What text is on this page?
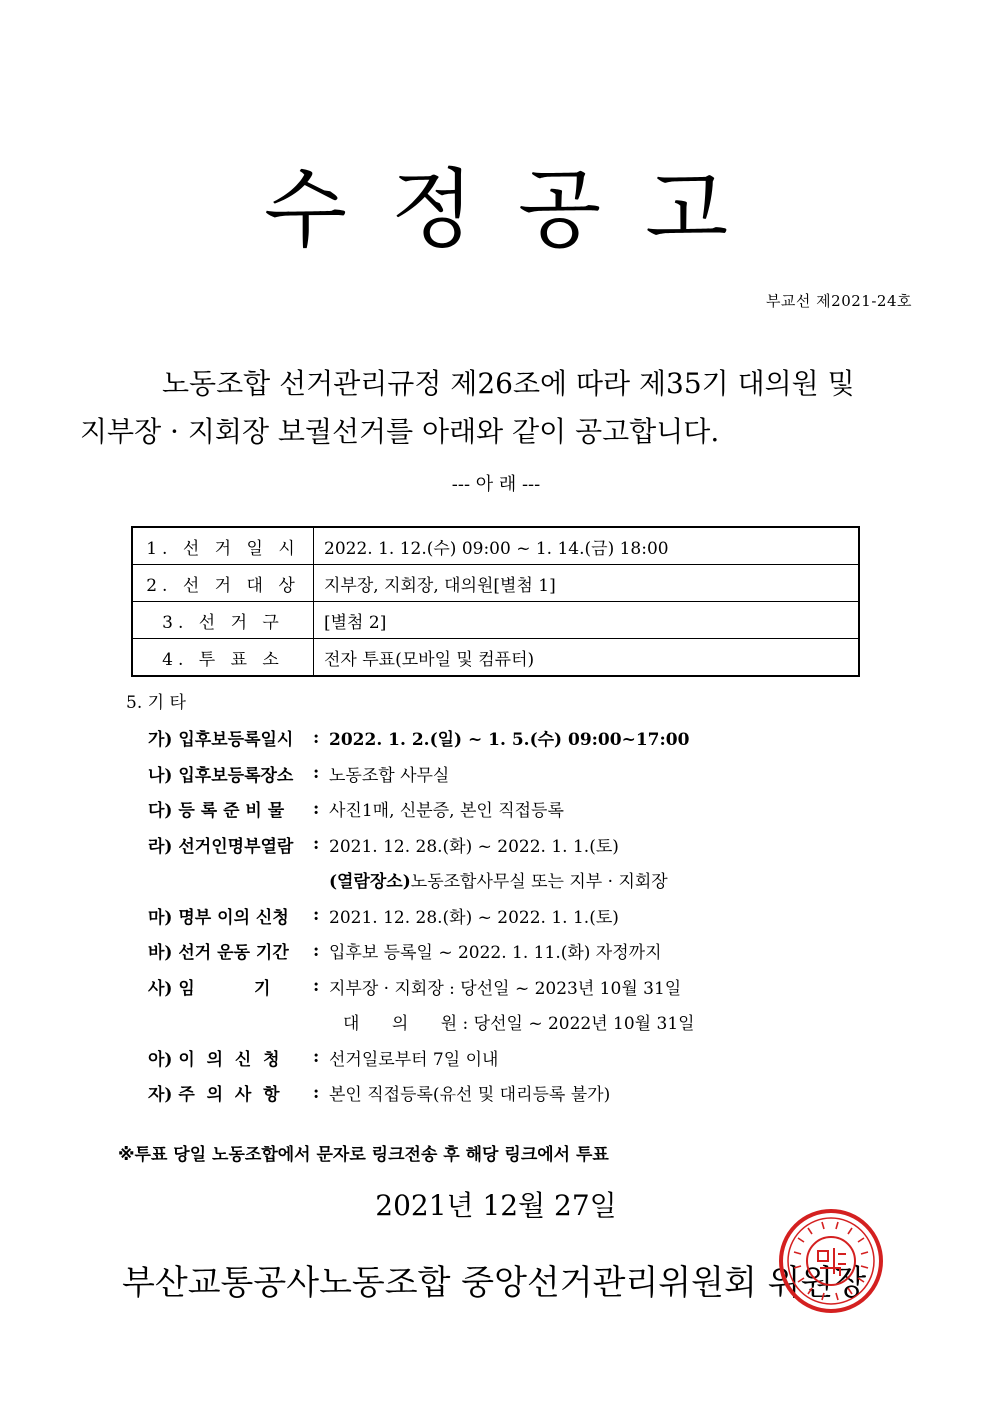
수 정 공 고
부교선 제2021-24호
노동조합 선거관리규정 제26조에 따라 제35기 대의원 및
지부장 · 지회장 보궐선거를 아래와 같이 공고합니다.
--- 아 래 ---
1. 선 거 일 시	2022. 1. 12.(수) 09:00 ~ 1. 14.(금) 18:00
2. 선 거 대 상	지부장, 지회장, 대의원[별첨 1]
3. 선 거 구	[별첨 2]
4. 투 표 소	전자 투표(모바일 및 컴퓨터)
5. 기 타
가) 입후보등록일시	: 2022. 1. 2.(일) ~ 1. 5.(수) 09:00~17:00
나) 입후보등록장소	: 노동조합 사무실
다) 등 록 준 비 물	: 사진1매, 신분증, 본인 직접등록
라) 선거인명부열람	: 2021. 12. 28.(화) ~ 2022. 1. 1.(토)
(열람장소)노동조합사무실 또는 지부 · 지회장
마) 명부 이의 신청	: 2021. 12. 28.(화) ~ 2022. 1. 1.(토)
바) 선거 운동 기간	: 입후보 등록일 ~ 2022. 1. 11.(화) 자정까지
사) 임          기	: 지부장 · 지회장 : 당선일 ~ 2023년 10월 31일
대      의      원 : 당선일 ~ 2022년 10월 31일
아) 이  의  신  청	: 선거일로부터 7일 이내
자) 주  의  사  항	: 본인 직접등록(유선 및 대리등록 불가)
※투표 당일 노동조합에서 문자로 링크전송 후 해당 링크에서 투표
2021년 12월 27일
부산교통공사노동조합 중앙선거관리위원회 위원장
